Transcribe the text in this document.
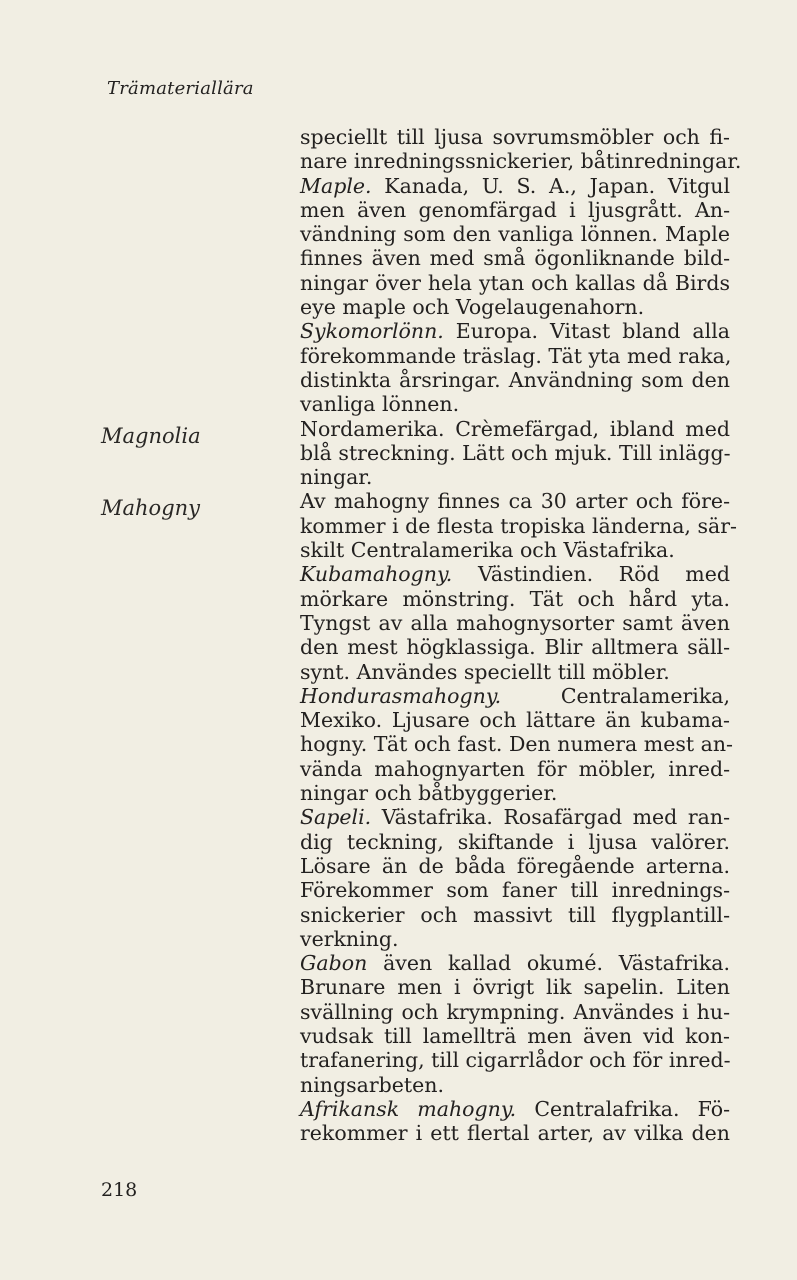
Trämateriallära
Magnolia
Mahogny
speciellt till ljusa sovrumsmöbler och fi-
nare inredningssnickerier, båtinredningar.
Maple. Kanada, U. S. A., Japan. Vitgul
men även genomfärgad i ljusgrått. An-
vändning som den vanliga lönnen. Maple
finnes även med små ögonliknande bild-
ningar över hela ytan och kallas då Birds
eye maple och Vogelaugenahorn.
Sykomorlönn. Europa. Vitast bland alla
förekommande träslag. Tät yta med raka,
distinkta årsringar. Användning som den
vanliga lönnen.
Nordamerika. Crèmefärgad, ibland med
blå streckning. Lätt och mjuk. Till inlägg-
ningar.
Av mahogny finnes ca 30 arter och före-
kommer i de flesta tropiska länderna, sär-
skilt Centralamerika och Västafrika.
Kubamahogny. Västindien. Röd med
mörkare mönstring. Tät och hård yta.
Tyngst av alla mahognysorter samt även
den mest högklassiga. Blir alltmera säll-
synt. Användes speciellt till möbler.
Hondurasmahogny. Centralamerika,
Mexiko. Ljusare och lättare än kubama-
hogny. Tät och fast. Den numera mest an-
vända mahognyarten för möbler, inred-
ningar och båtbyggerier.
Sapeli. Västafrika. Rosafärgad med ran-
dig teckning, skiftande i ljusa valörer.
Lösare än de båda föregående arterna.
Förekommer som faner till inrednings-
snickerier och massivt till flygplantill-
verkning.
Gabon även kallad okumé. Västafrika.
Brunare men i övrigt lik sapelin. Liten
svällning och krympning. Användes i hu-
vudsak till lamellträ men även vid kon-
trafanering, till cigarrlådor och för inred-
ningsarbeten.
Afrikansk mahogny. Centralafrika. Fö-
rekommer i ett flertal arter, av vilka den
218
